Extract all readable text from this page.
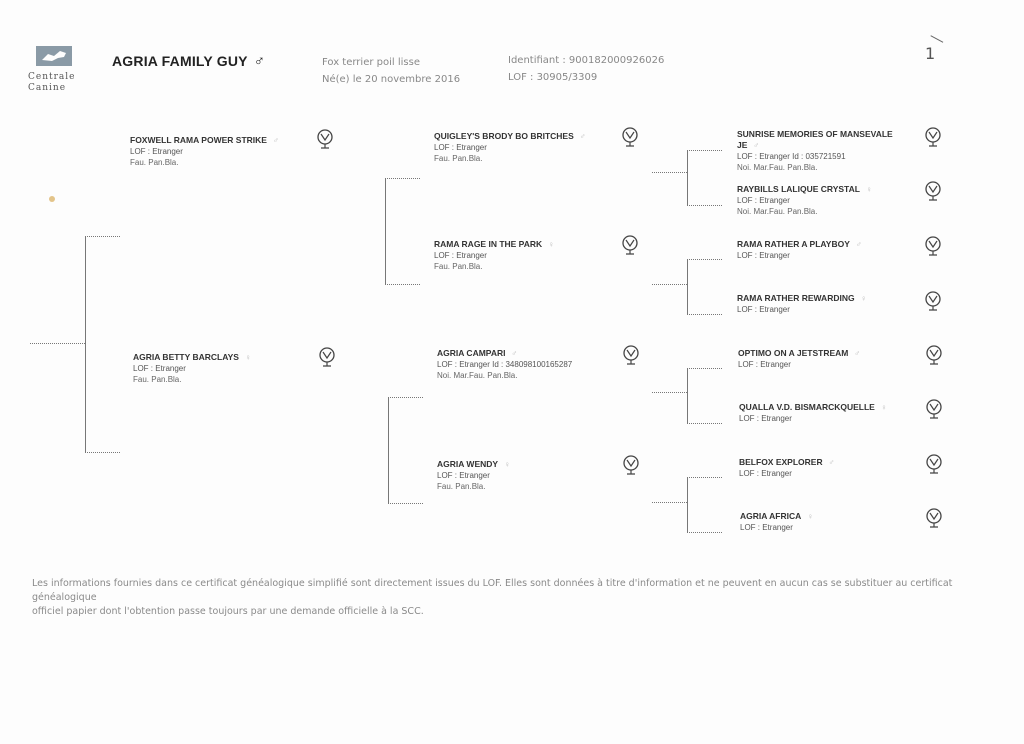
Centrale
Canine
AGRIA FAMILY GUY ♂	Fox terrier poil lisse
Né(e) le 20 novembre 2016
Identifiant : 900182000926026
LOF : 30905/3309
1
FOXWELL RAMA POWER STRIKE ♂
LOF : Etranger
Fau. Pan.Bla.
AGRIA BETTY BARCLAYS ♀
LOF : Etranger
Fau. Pan.Bla.
QUIGLEY'S BRODY BO BRITCHES ♂
LOF : Etranger
Fau. Pan.Bla.
RAMA RAGE IN THE PARK ♀
LOF : Etranger
Fau. Pan.Bla.
AGRIA CAMPARI ♂
LOF : Etranger Id : 348098100165287
Noi. Mar.Fau. Pan.Bla.
AGRIA WENDY ♀
LOF : Etranger
Fau. Pan.Bla.
SUNRISE MEMORIES OF MANSEVALE JE ♂
LOF : Etranger Id : 035721591
Noi. Mar.Fau. Pan.Bla.
RAYBILLS LALIQUE CRYSTAL ♀
LOF : Etranger
Noi. Mar.Fau. Pan.Bla.
RAMA RATHER A PLAYBOY ♂
LOF : Etranger
RAMA RATHER REWARDING ♀
LOF : Etranger
OPTIMO ON A JETSTREAM ♂
LOF : Etranger
QUALLA V.D. BISMARCKQUELLE ♀
LOF : Etranger
BELFOX EXPLORER ♂
LOF : Etranger
AGRIA AFRICA ♀
LOF : Etranger
Les informations fournies dans ce certificat généalogique simplifié sont directement issues du LOF. Elles sont données à titre d'information et ne peuvent en aucun cas se substituer au certificat généalogique
officiel papier dont l'obtention passe toujours par une demande officielle à la SCC.
